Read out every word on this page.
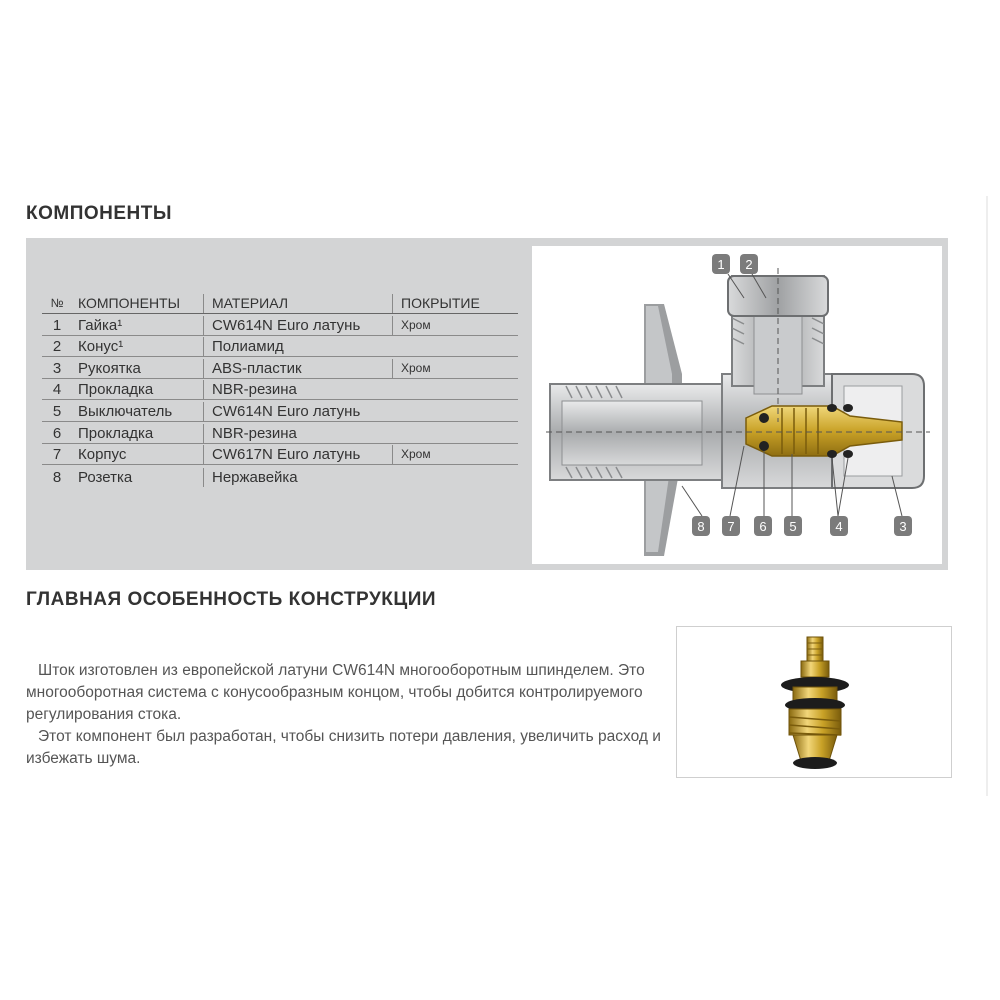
КОМПОНЕНТЫ
№	КОМПОНЕНТЫ	МАТЕРИАЛ	ПОКРЫТИЕ
1	Гайка¹	CW614N Euro латунь	Хром
2	Конус¹	Полиамид
3	Рукоятка	ABS-пластик	Хром
4	Прокладка	NBR-резина
5	Выключатель	CW614N Euro латунь
6	Прокладка	NBR-резина
7	Корпус	CW617N Euro латунь	Хром
8	Розетка	Нержавейка
1 2
8 7 6 5	4	3
ГЛАВНАЯ ОСОБЕННОСТЬ КОНСТРУКЦИИ

Шток изготовлен из европейской латуни CW614N многооборотным шпинделем. Это многооборотная система с конусообразным концом, чтобы добится контролируемого регулирования стока.

Этот компонент был разработан, чтобы снизить потери давления, увеличить расход и избежать шума.
